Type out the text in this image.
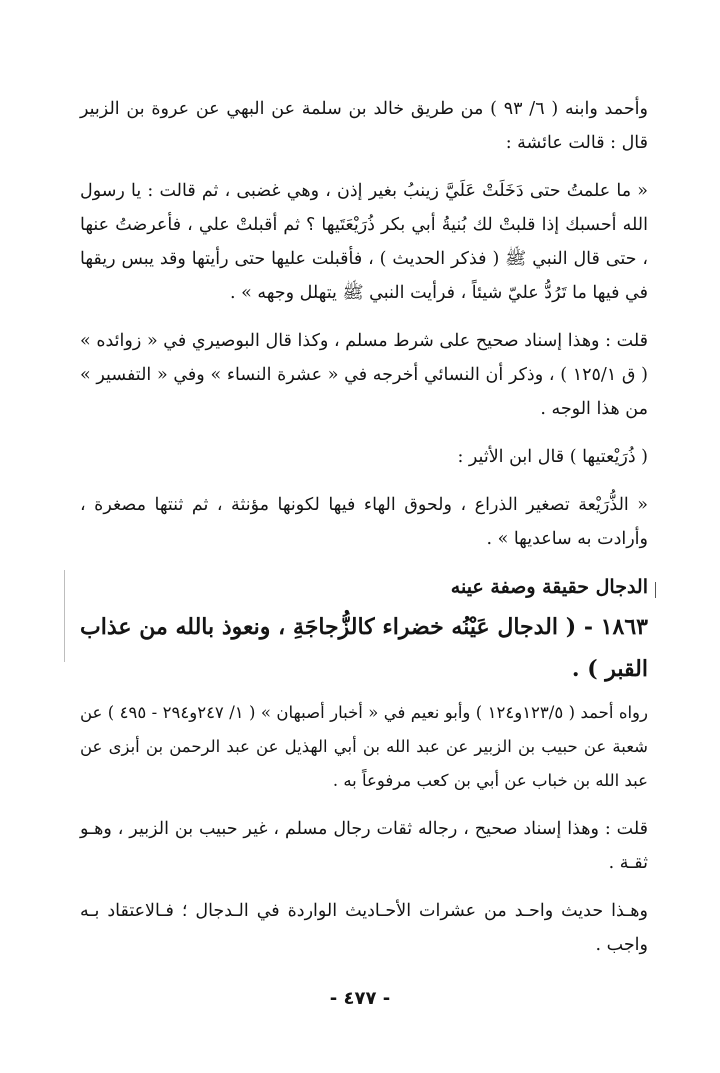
وأحمد وابنه ( ٦/ ٩٣ ) من طريق خالد بن سلمة عن البهي عن عروة بن الزبير قال : قالت عائشة :

« ما علمتُ حتى دَخَلَتْ عَلَيَّ زينبُ بغير إذن ، وهي غضبى ، ثم قالت : يا رسول الله أحسبك إذا قلبتْ لك بُنيةُ أبي بكر ذُرَيْعَتَيها ؟ ثم أقبلتْ علي ، فأعرضتُ عنها ، حتى قال النبي ﷺ ( فذكر الحديث ) ، فأقبلت عليها حتى رأيتها وقد يبس ريقها في فيها ما تَرُدُّ عليّ شيئاً ، فرأيت النبي ﷺ يتهلل وجهه » .

قلت : وهذا إسناد صحيح على شرط مسلم ، وكذا قال البوصيري في « زوائده » ( ق ١٢٥/١ ) ، وذكر أن النسائي أخرجه في « عشرة النساء » وفي « التفسير » من هذا الوجه .

( ذُرَيْعتيها ) قال ابن الأثير :

« الذُّرَيْعة تصغير الذراع ، ولحوق الهاء فيها لكونها مؤنثة ، ثم ثنتها مصغرة ، وأرادت به ساعديها » .

الدجال حقيقة وصفة عينه

١٨٦٣ - ( الدجال عَيْنُه خضراء كالزُّجاجَةِ ، ونعوذ بالله من عذاب القبر ) .

رواه أحمد ( ١٢٣/٥و١٢٤ ) وأبو نعيم في « أخبار أصبهان » ( ١/ ٢٤٧و٢٩٤ - ٤٩٥ ) عن شعبة عن حبيب بن الزبير عن عبد الله بن أبي الهذيل عن عبد الرحمن بن أبزى عن عبد الله بن خباب عن أبي بن كعب مرفوعاً به .

قلت : وهذا إسناد صحيح ، رجاله ثقات رجال مسلم ، غير حبيب بن الزبير ، وهـو ثقـة .

وهـذا حديث واحـد من عشرات الأحـاديث الواردة في الـدجال ؛ فـالاعتقاد بـه واجب .

- ٤٧٧ -
